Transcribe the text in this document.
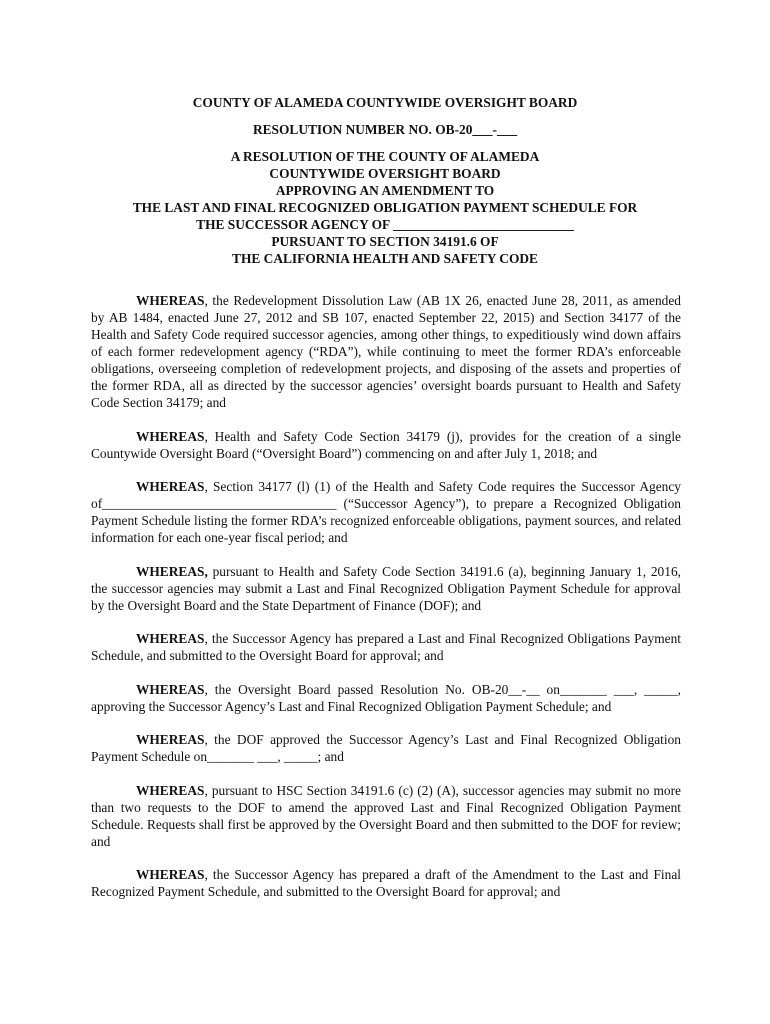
COUNTY OF ALAMEDA COUNTYWIDE OVERSIGHT BOARD
RESOLUTION NUMBER NO. OB-20___-___
A RESOLUTION OF THE COUNTY OF ALAMEDA
COUNTYWIDE OVERSIGHT BOARD
APPROVING AN AMENDMENT TO
THE LAST AND FINAL RECOGNIZED OBLIGATION PAYMENT SCHEDULE FOR
THE SUCCESSOR AGENCY OF ___________________________
PURSUANT TO SECTION 34191.6 OF
THE CALIFORNIA HEALTH AND SAFETY CODE

WHEREAS, the Redevelopment Dissolution Law (AB 1X 26, enacted June 28, 2011, as amended by AB 1484, enacted June 27, 2012 and SB 107, enacted September 22, 2015) and Section 34177 of the Health and Safety Code required successor agencies, among other things, to expeditiously wind down affairs of each former redevelopment agency (“RDA”), while continuing to meet the former RDA’s enforceable obligations, overseeing completion of redevelopment projects, and disposing of the assets and properties of the former RDA, all as directed by the successor agencies’ oversight boards pursuant to Health and Safety Code Section 34179; and

WHEREAS, Health and Safety Code Section 34179 (j), provides for the creation of a single Countywide Oversight Board (“Oversight Board”) commencing on and after July 1, 2018; and

WHEREAS, Section 34177 (l) (1) of the Health and Safety Code requires the Successor Agency of___________________________________ (“Successor Agency”), to prepare a Recognized Obligation Payment Schedule listing the former RDA’s recognized enforceable obligations, payment sources, and related information for each one-year fiscal period; and

WHEREAS, pursuant to Health and Safety Code Section 34191.6 (a), beginning January 1, 2016, the successor agencies may submit a Last and Final Recognized Obligation Payment Schedule for approval by the Oversight Board and the State Department of Finance (DOF); and

WHEREAS, the Successor Agency has prepared a Last and Final Recognized Obligations Payment Schedule, and submitted to the Oversight Board for approval; and

WHEREAS, the Oversight Board passed Resolution No. OB-20__-__ on_______ ___, _____, approving the Successor Agency’s Last and Final Recognized Obligation Payment Schedule; and

WHEREAS, the DOF approved the Successor Agency’s Last and Final Recognized Obligation Payment Schedule on_______ ___, _____; and

WHEREAS, pursuant to HSC Section 34191.6 (c) (2) (A), successor agencies may submit no more than two requests to the DOF to amend the approved Last and Final Recognized Obligation Payment Schedule. Requests shall first be approved by the Oversight Board and then submitted to the DOF for review; and

WHEREAS, the Successor Agency has prepared a draft of the Amendment to the Last and Final Recognized Payment Schedule, and submitted to the Oversight Board for approval; and
